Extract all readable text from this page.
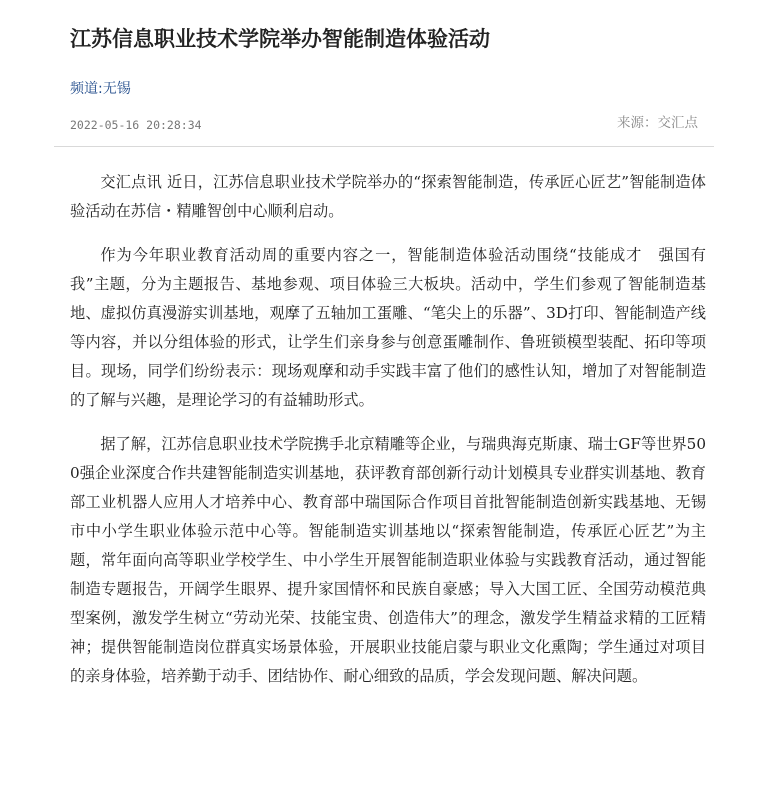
江苏信息职业技术学院举办智能制造体验活动
频道:无锡
2022-05-16 20:28:34	来源：交汇点

交汇点讯 近日，江苏信息职业技术学院举办的“探索智能制造，传承匠心匠艺”智能制造体验活动在苏信・精雕智创中心顺利启动。

作为今年职业教育活动周的重要内容之一，智能制造体验活动围绕“技能成才　强国有我”主题，分为主题报告、基地参观、项目体验三大板块。活动中，学生们参观了智能制造基地、虚拟仿真漫游实训基地，观摩了五轴加工蛋雕、“笔尖上的乐器”、3D打印、智能制造产线等内容，并以分组体验的形式，让学生们亲身参与创意蛋雕制作、鲁班锁模型装配、拓印等项目。现场，同学们纷纷表示：现场观摩和动手实践丰富了他们的感性认知，增加了对智能制造的了解与兴趣，是理论学习的有益辅助形式。

据了解，江苏信息职业技术学院携手北京精雕等企业，与瑞典海克斯康、瑞士GF等世界500强企业深度合作共建智能制造实训基地，获评教育部创新行动计划模具专业群实训基地、教育部工业机器人应用人才培养中心、教育部中瑞国际合作项目首批智能制造创新实践基地、无锡市中小学生职业体验示范中心等。智能制造实训基地以“探索智能制造，传承匠心匠艺”为主题，常年面向高等职业学校学生、中小学生开展智能制造职业体验与实践教育活动，通过智能制造专题报告，开阔学生眼界、提升家国情怀和民族自豪感；导入大国工匠、全国劳动模范典型案例，激发学生树立“劳动光荣、技能宝贵、创造伟大”的理念，激发学生精益求精的工匠精神；提供智能制造岗位群真实场景体验，开展职业技能启蒙与职业文化熏陶；学生通过对项目的亲身体验，培养勤于动手、团结协作、耐心细致的品质，学会发现问题、解决问题。
